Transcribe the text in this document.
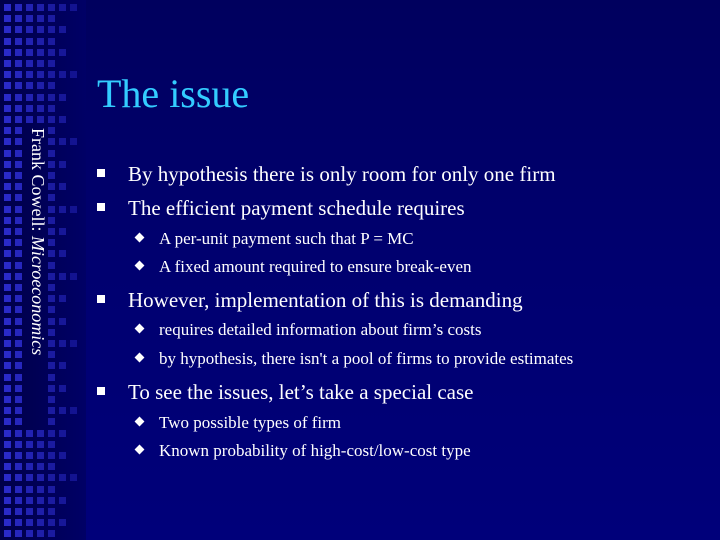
Frank Cowell: Microeconomics
The issue
By hypothesis there is only room for only one firm
The efficient payment schedule requires
A per-unit payment such that P = MC
A fixed amount required to ensure break-even
However, implementation of this is demanding
requires detailed information about firm’s costs
by hypothesis, there isn't a pool of firms to provide estimates
To see the issues, let’s take a special case
Two possible types of firm
Known probability of high-cost/low-cost type
